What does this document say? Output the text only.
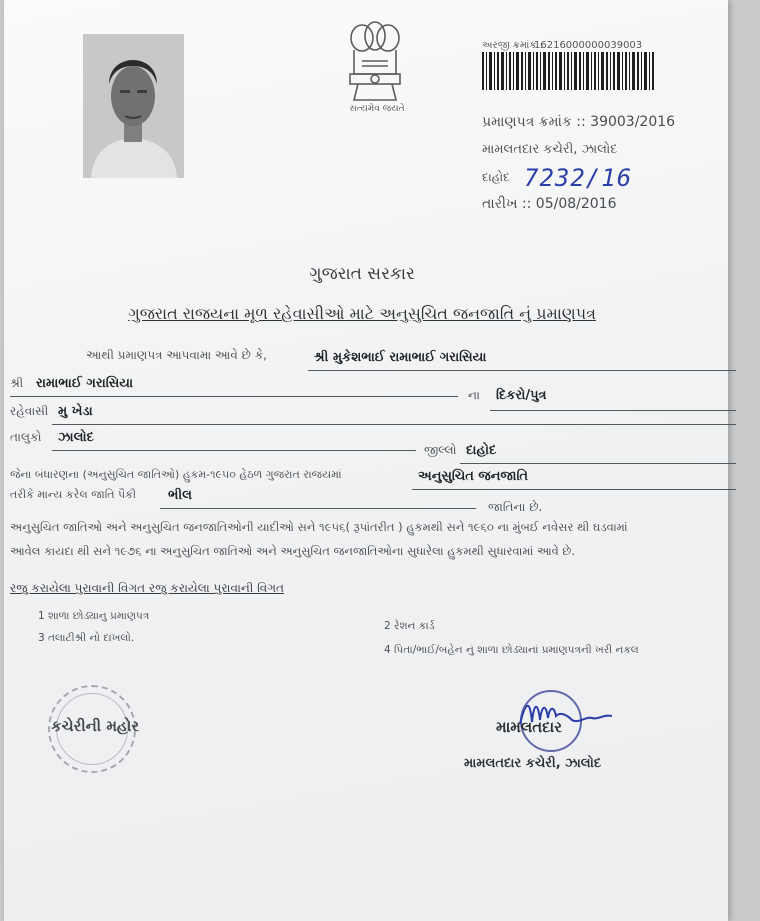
સત્યમેવ જયતે
અરજી ક્રમાંક :
16216000000039003
પ્રમાણપત્ર ક્રમાંક :: 39003/2016
મામલતદાર કચેરી, ઝાલોદ
દાહોદ 7232/16
તારીખ :: 05/08/2016
ગુજરાત સરકાર
ગુજરાત રાજયના મૂળ રહેવાસીઓ માટે અનુસુચિત જનજાતિ નું પ્રમાણપત્ર
આથી પ્રમાણપત્ર આપવામા આવે છે કે,	શ્રી મુકેશભાઈ રામાભાઈ ગરાસિયા
શ્રી રામાભાઈ ગરાસિયા
ના દિકરો/પુત્ર
રહેવાસી મુ ખેડા
તાલુકો ઝાલોદ
જીલ્લો દાહોદ
જેના બંધારણના (અનુસુચિત જાતિઓ) હુકમ-૧૯૫૦ હેઠળ ગુજરાત રાજયમાં	અનુસુચિત જનજાતિ
તરીકે માન્ય કરેલ જાતિ પૈકી ભીલ
જાતિના છે.
અનુસુચિત જાતિઓ અને અનુસુચિત જનજાતિઓની યાદીઓ સને ૧૯૫૬( રૂપાંતરીત ) હુકમથી સને ૧૯૬૦ ના મુંબઈ નવેસર થી ઘડવામાં
આવેલ કાયદા થી સને ૧૯૭૬ ના અનુસુચિત જાતિઓ અને અનુસુચિત જનજાતિઓના સુધારેલા હુકમથી સુધારવામાં આવે છે.
રજુ કરાયેલા પુરાવાની વિગત રજુ કરાયેલા પુરાવાની વિગત
1 શાળા છોડ્યાનુ પ્રમાણપત્ર
2 રેશન કાર્ડ
3 તલાટીશ્રી નો દાખલો.
4 પિતા/ભાઈ/બહેન નું શાળા છોડ્યાનાં પ્રમાણપત્રની ખરી નકલ
કચેરીની મહોર	મામલતદાર
મામલતદાર કચેરી, ઝાલોદ
